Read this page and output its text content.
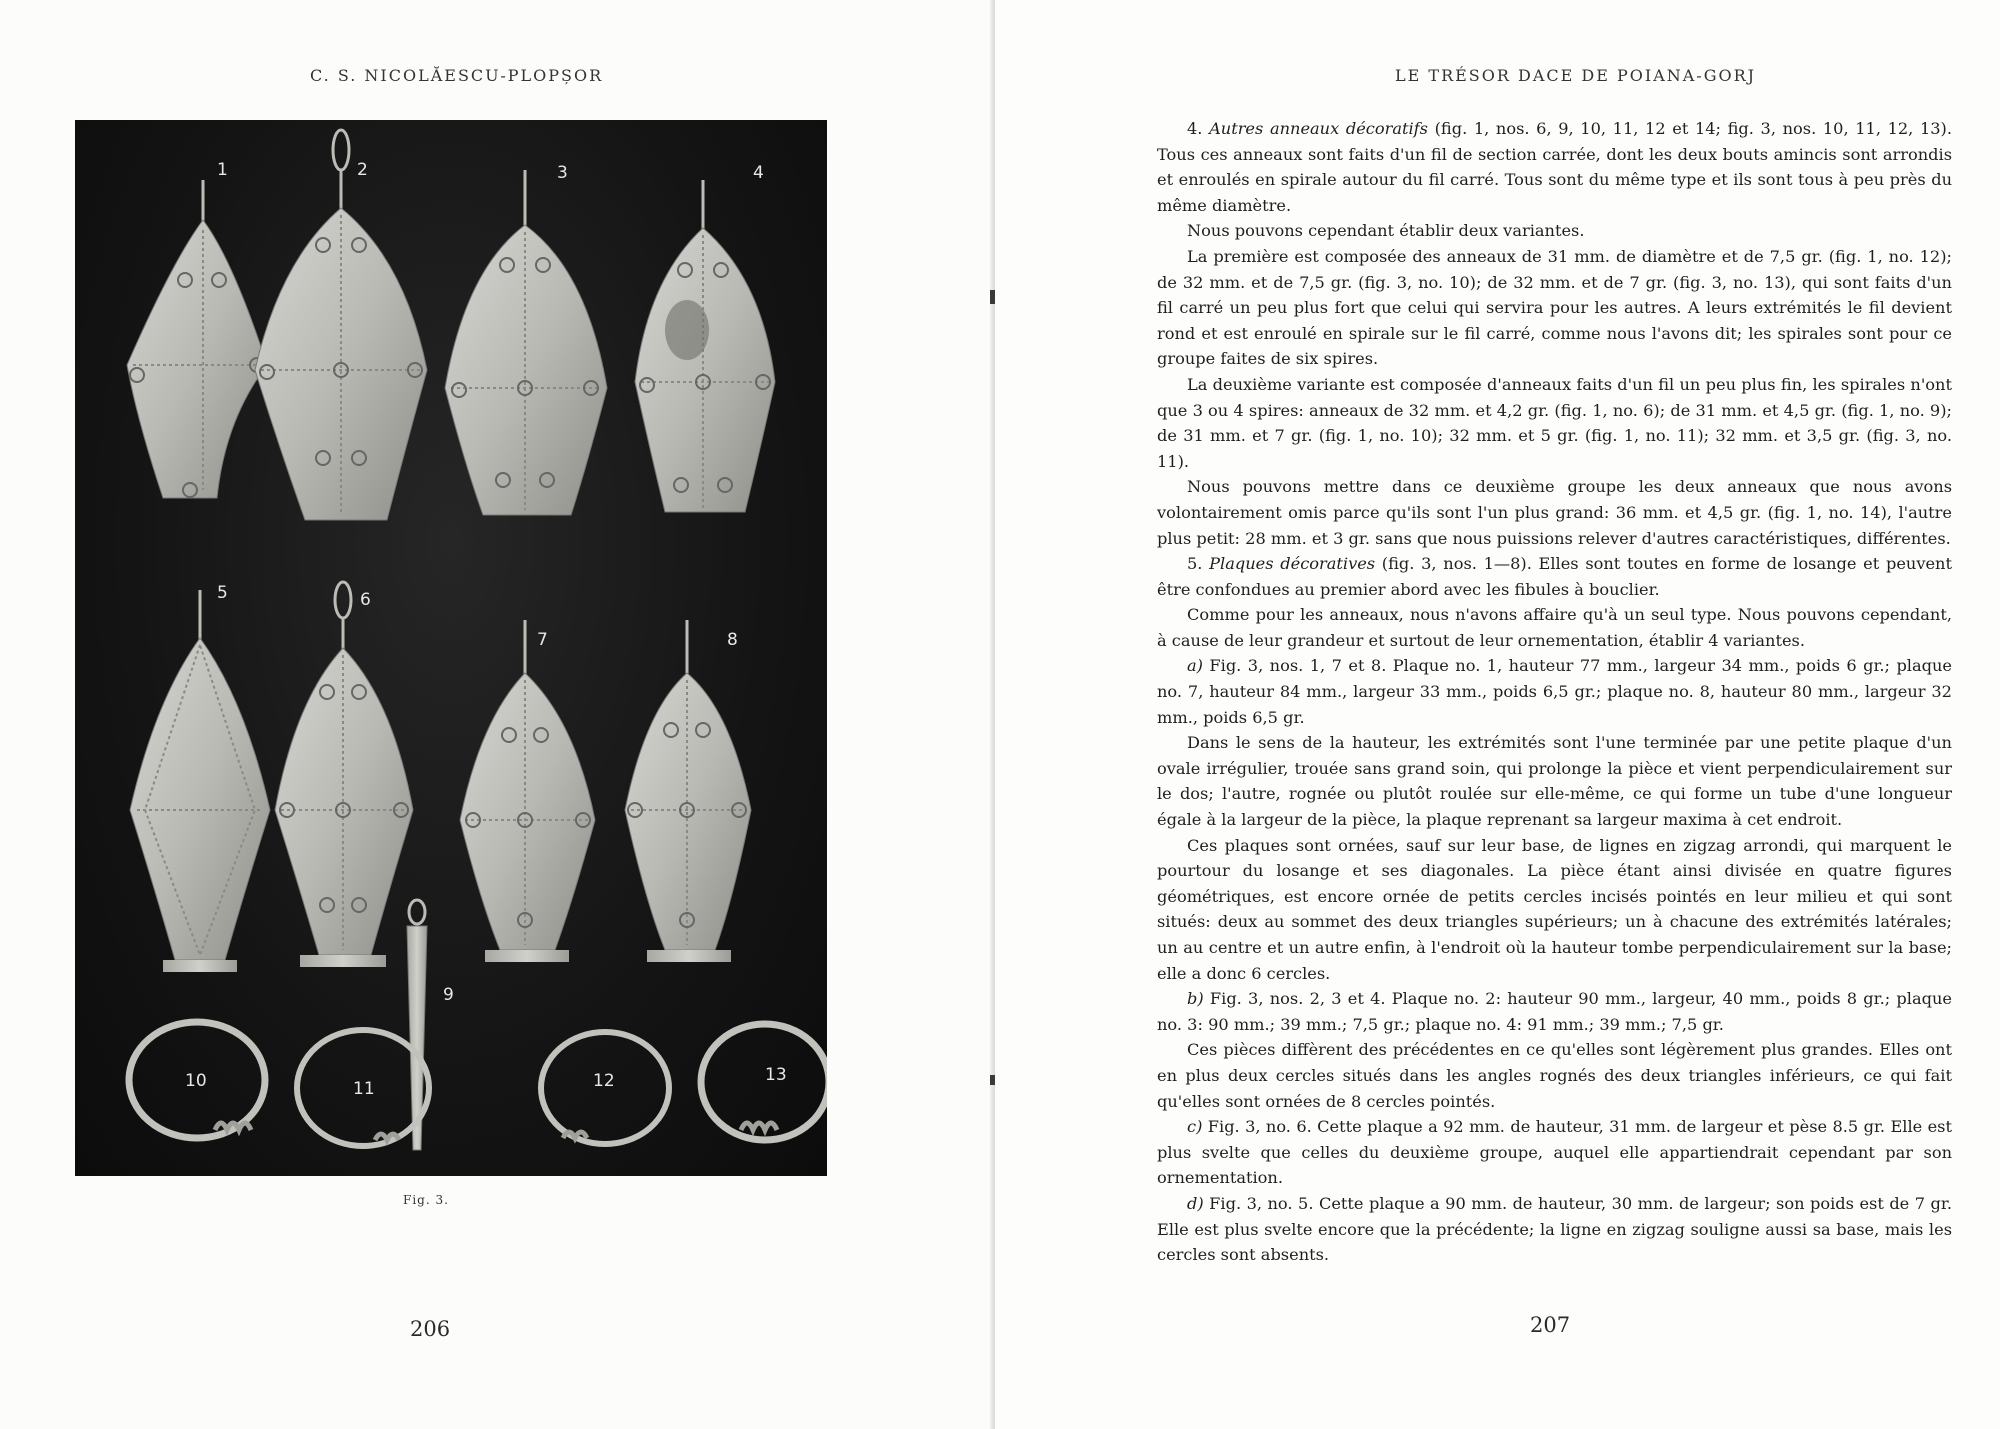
C. S. NICOLĂESCU-PLOPȘOR
1	2	3	4
5	6
7	8
9
10	11	12	13
Fig. 3.
206
LE TRÉSOR DACE DE POIANA-GORJ

4. Autres anneaux décoratifs (fig. 1, nos. 6, 9, 10, 11, 12 et 14; fig. 3, nos. 10, 11, 12, 13). Tous ces anneaux sont faits d'un fil de section carrée, dont les deux bouts amincis sont arrondis et enroulés en spirale autour du fil carré. Tous sont du même type et ils sont tous à peu près du même diamètre.

Nous pouvons cependant établir deux variantes.

La première est composée des anneaux de 31 mm. de diamètre et de 7,5 gr. (fig. 1, no. 12); de 32 mm. et de 7,5 gr. (fig. 3, no. 10); de 32 mm. et de 7 gr. (fig. 3, no. 13), qui sont faits d'un fil carré un peu plus fort que celui qui servira pour les autres. A leurs extrémités le fil devient rond et est enroulé en spirale sur le fil carré, comme nous l'avons dit; les spirales sont pour ce groupe faites de six spires.

La deuxième variante est composée d'anneaux faits d'un fil un peu plus fin, les spirales n'ont que 3 ou 4 spires: anneaux de 32 mm. et 4,2 gr. (fig. 1, no. 6); de 31 mm. et 4,5 gr. (fig. 1, no. 9); de 31 mm. et 7 gr. (fig. 1, no. 10); 32 mm. et 5 gr. (fig. 1, no. 11); 32 mm. et 3,5 gr. (fig. 3, no. 11).

Nous pouvons mettre dans ce deuxième groupe les deux anneaux que nous avons volontairement omis parce qu'ils sont l'un plus grand: 36 mm. et 4,5 gr. (fig. 1, no. 14), l'autre plus petit: 28 mm. et 3 gr. sans que nous puissions relever d'autres caractéristiques, différentes.

5. Plaques décoratives (fig. 3, nos. 1—8). Elles sont toutes en forme de losange et peuvent être confondues au premier abord avec les fibules à bouclier.

Comme pour les anneaux, nous n'avons affaire qu'à un seul type. Nous pouvons cependant, à cause de leur grandeur et surtout de leur ornementation, établir 4 variantes.

a) Fig. 3, nos. 1, 7 et 8. Plaque no. 1, hauteur 77 mm., largeur 34 mm., poids 6 gr.; plaque no. 7, hauteur 84 mm., largeur 33 mm., poids 6,5 gr.; plaque no. 8, hauteur 80 mm., largeur 32 mm., poids 6,5 gr.

Dans le sens de la hauteur, les extrémités sont l'une terminée par une petite plaque d'un ovale irrégulier, trouée sans grand soin, qui prolonge la pièce et vient perpendiculairement sur le dos; l'autre, rognée ou plutôt roulée sur elle-même, ce qui forme un tube d'une longueur égale à la largeur de la pièce, la plaque reprenant sa largeur maxima à cet endroit.

Ces plaques sont ornées, sauf sur leur base, de lignes en zigzag arrondi, qui marquent le pourtour du losange et ses diagonales. La pièce étant ainsi divisée en quatre figures géométriques, est encore ornée de petits cercles incisés pointés en leur milieu et qui sont situés: deux au sommet des deux triangles supérieurs; un à chacune des extrémités latérales; un au centre et un autre enfin, à l'endroit où la hauteur tombe perpendiculairement sur la base; elle a donc 6 cercles.

b) Fig. 3, nos. 2, 3 et 4. Plaque no. 2: hauteur 90 mm., largeur, 40 mm., poids 8 gr.; plaque no. 3: 90 mm.; 39 mm.; 7,5 gr.; plaque no. 4: 91 mm.; 39 mm.; 7,5 gr.

Ces pièces diffèrent des précédentes en ce qu'elles sont légèrement plus grandes. Elles ont en plus deux cercles situés dans les angles rognés des deux triangles inférieurs, ce qui fait qu'elles sont ornées de 8 cercles pointés.

c) Fig. 3, no. 6. Cette plaque a 92 mm. de hauteur, 31 mm. de largeur et pèse 8.5 gr. Elle est plus svelte que celles du deuxième groupe, auquel elle appartiendrait cependant par son ornementation.

d) Fig. 3, no. 5. Cette plaque a 90 mm. de hauteur, 30 mm. de largeur; son poids est de 7 gr. Elle est plus svelte encore que la précédente; la ligne en zigzag souligne aussi sa base, mais les cercles sont absents.

207
